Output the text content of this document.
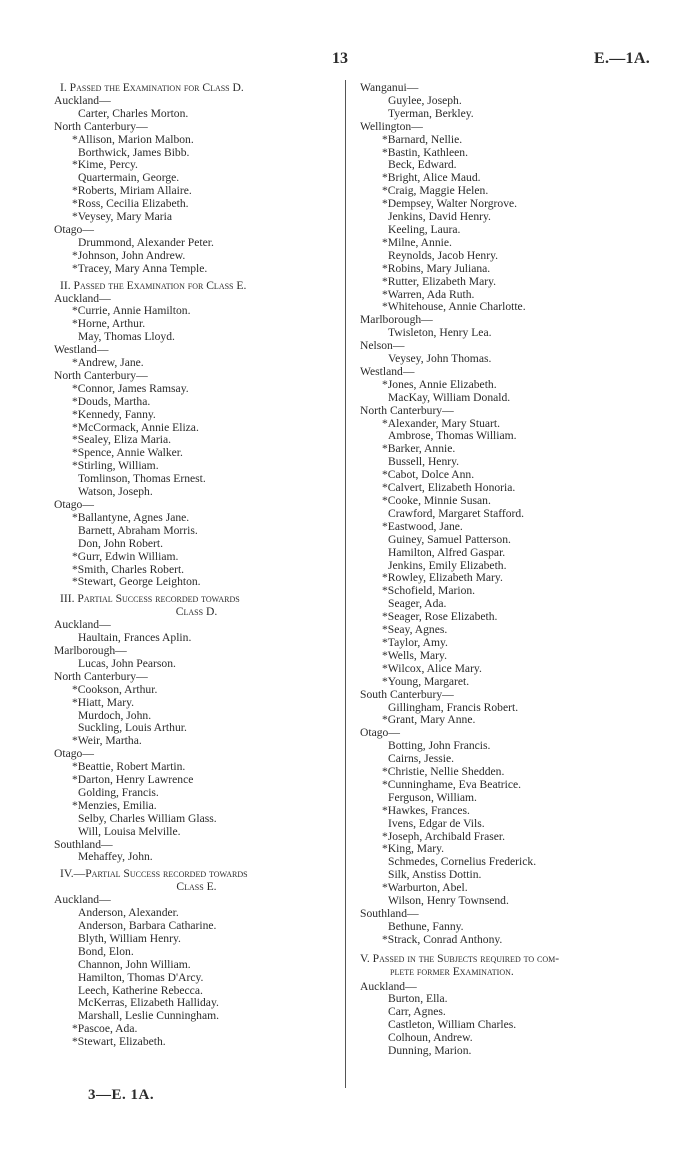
13	E.—1A.
I. Passed the Examination for Class D.
Auckland—
Carter, Charles Morton.
North Canterbury—
*Allison, Marion Malbon.
Borthwick, James Bibb.
*Kime, Percy.
Quartermain, George.
*Roberts, Miriam Allaire.
*Ross, Cecilia Elizabeth.
*Veysey, Mary Maria
Otago—
Drummond, Alexander Peter.
*Johnson, John Andrew.
*Tracey, Mary Anna Temple.
II. Passed the Examination for Class E.
Auckland—
*Currie, Annie Hamilton.
*Horne, Arthur.
May, Thomas Lloyd.
Westland—
*Andrew, Jane.
North Canterbury—
*Connor, James Ramsay.
*Douds, Martha.
*Kennedy, Fanny.
*McCormack, Annie Eliza.
*Sealey, Eliza Maria.
*Spence, Annie Walker.
*Stirling, William.
Tomlinson, Thomas Ernest.
Watson, Joseph.
Otago—
*Ballantyne, Agnes Jane.
Barnett, Abraham Morris.
Don, John Robert.
*Gurr, Edwin William.
*Smith, Charles Robert.
*Stewart, George Leighton.
III. Partial Success recorded towards
Class D.
Auckland—
Haultain, Frances Aplin.
Marlborough—
Lucas, John Pearson.
North Canterbury—
*Cookson, Arthur.
*Hiatt, Mary.
Murdoch, John.
Suckling, Louis Arthur.
*Weir, Martha.
Otago—
*Beattie, Robert Martin.
*Darton, Henry Lawrence
Golding, Francis.
*Menzies, Emilia.
Selby, Charles William Glass.
Will, Louisa Melville.
Southland—
Mehaffey, John.
IV.—Partial Success recorded towards
Class E.
Auckland—
Anderson, Alexander.
Anderson, Barbara Catharine.
Blyth, William Henry.
Bond, Elon.
Channon, John William.
Hamilton, Thomas D'Arcy.
Leech, Katherine Rebecca.
McKerras, Elizabeth Halliday.
Marshall, Leslie Cunningham.
*Pascoe, Ada.
*Stewart, Elizabeth.
Wanganui—
Guylee, Joseph.
Tyerman, Berkley.
Wellington—
*Barnard, Nellie.
*Bastin, Kathleen.
Beck, Edward.
*Bright, Alice Maud.
*Craig, Maggie Helen.
*Dempsey, Walter Norgrove.
Jenkins, David Henry.
Keeling, Laura.
*Milne, Annie.
Reynolds, Jacob Henry.
*Robins, Mary Juliana.
*Rutter, Elizabeth Mary.
*Warren, Ada Ruth.
*Whitehouse, Annie Charlotte.
Marlborough—
Twisleton, Henry Lea.
Nelson—
Veysey, John Thomas.
Westland—
*Jones, Annie Elizabeth.
MacKay, William Donald.
North Canterbury—
*Alexander, Mary Stuart.
Ambrose, Thomas William.
*Barker, Annie.
Bussell, Henry.
*Cabot, Dolce Ann.
*Calvert, Elizabeth Honoria.
*Cooke, Minnie Susan.
Crawford, Margaret Stafford.
*Eastwood, Jane.
Guiney, Samuel Patterson.
Hamilton, Alfred Gaspar.
Jenkins, Emily Elizabeth.
*Rowley, Elizabeth Mary.
*Schofield, Marion.
Seager, Ada.
*Seager, Rose Elizabeth.
*Seay, Agnes.
*Taylor, Amy.
*Wells, Mary.
*Wilcox, Alice Mary.
*Young, Margaret.
South Canterbury—
Gillingham, Francis Robert.
*Grant, Mary Anne.
Otago—
Botting, John Francis.
Cairns, Jessie.
*Christie, Nellie Shedden.
*Cunninghame, Eva Beatrice.
Ferguson, William.
*Hawkes, Frances.
Ivens, Edgar de Vils.
*Joseph, Archibald Fraser.
*King, Mary.
Schmedes, Cornelius Frederick.
Silk, Anstiss Dottin.
*Warburton, Abel.
Wilson, Henry Townsend.
Southland—
Bethune, Fanny.
*Strack, Conrad Anthony.
V. Passed in the Subjects required to com-
plete former Examination.
Auckland—
Burton, Ella.
Carr, Agnes.
Castleton, William Charles.
Colhoun, Andrew.
Dunning, Marion.
3—E. 1A.
